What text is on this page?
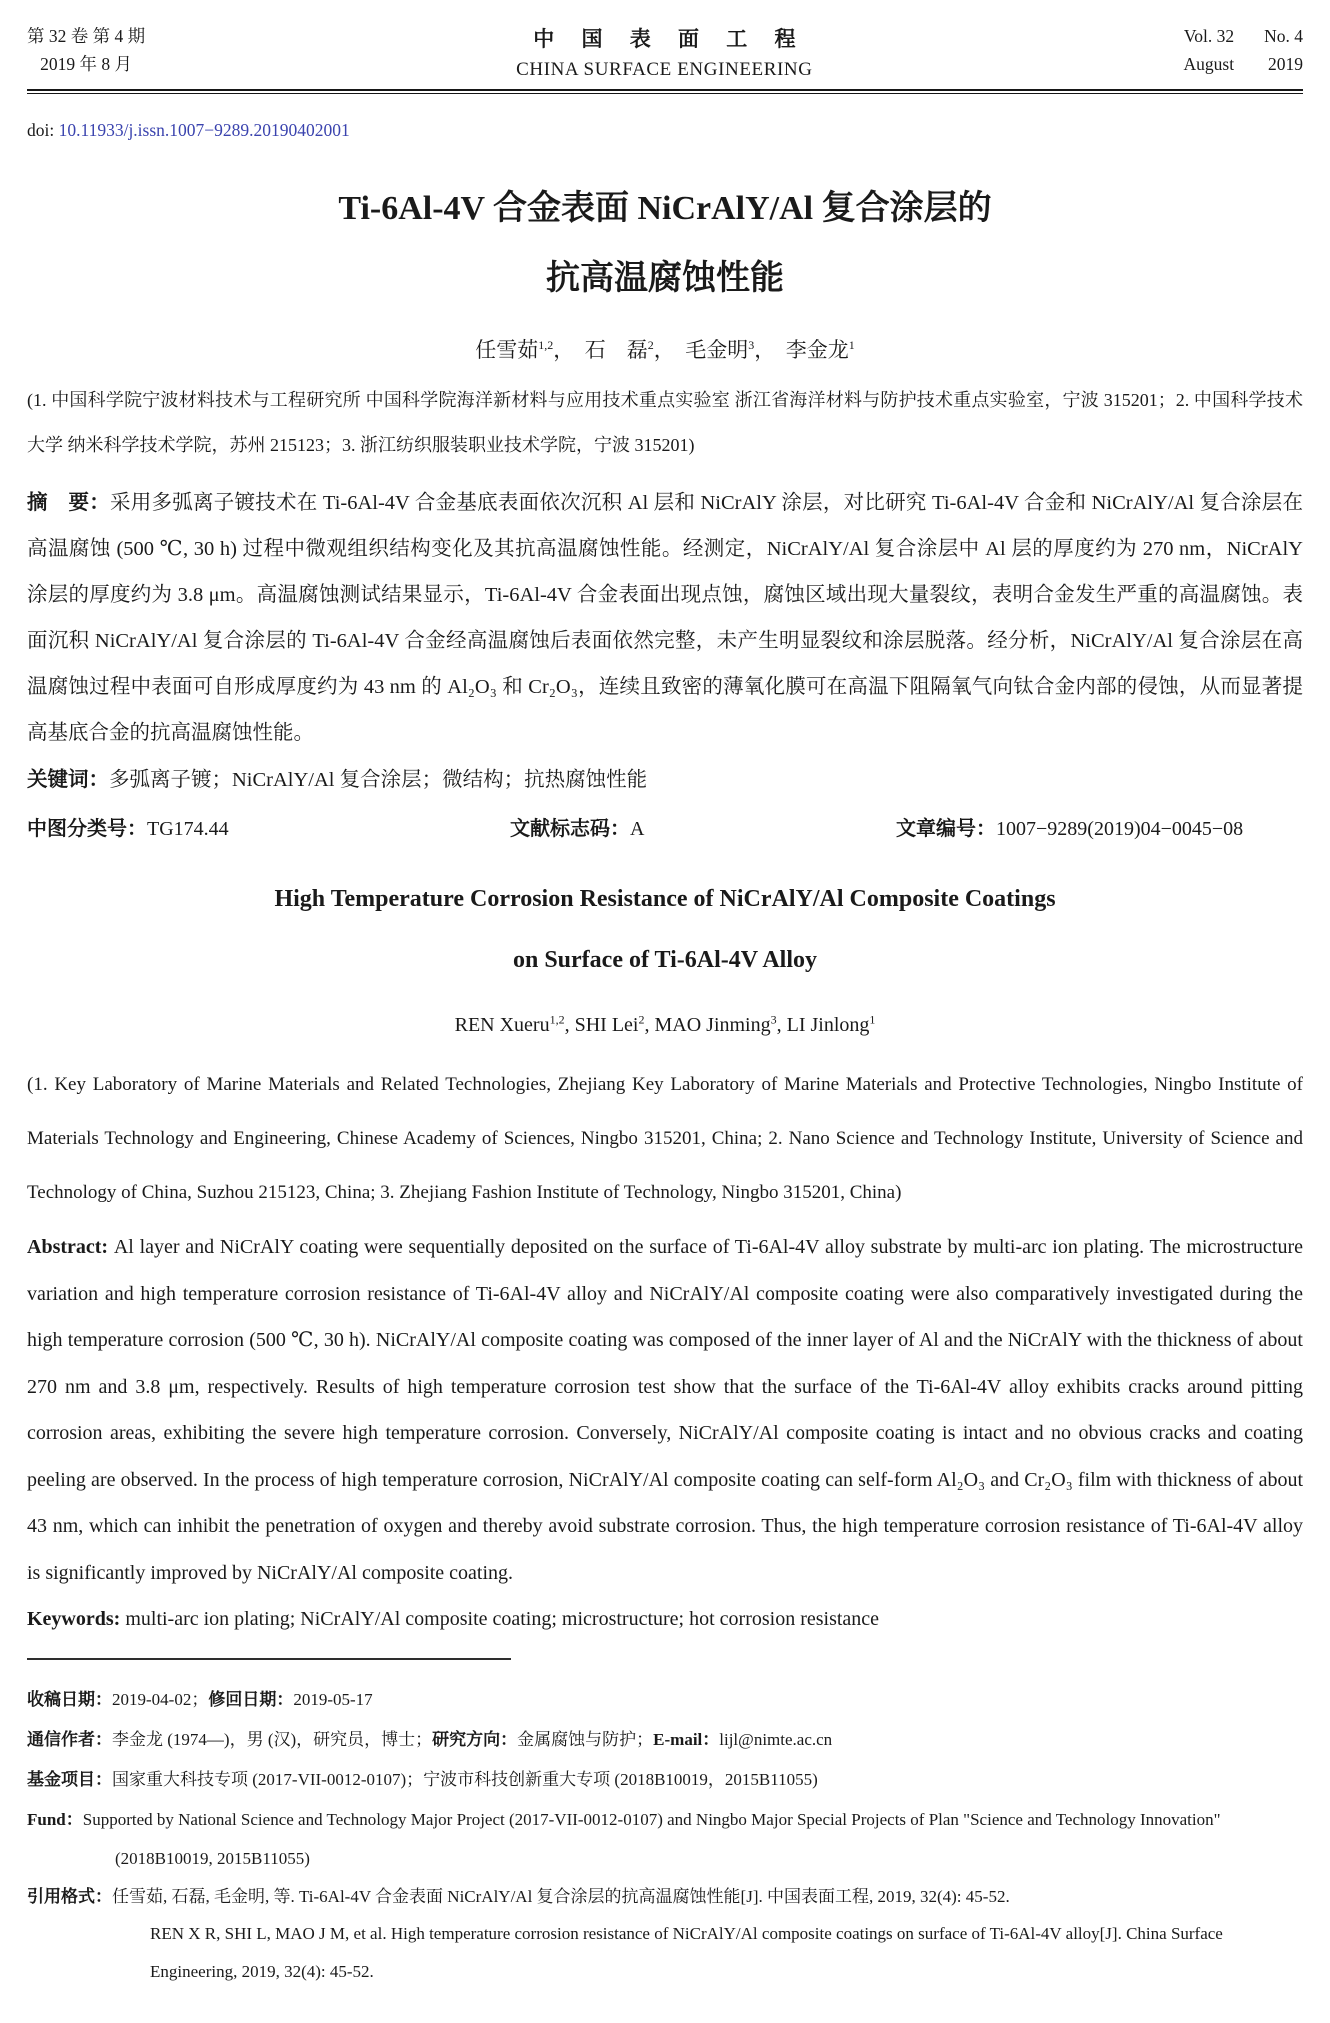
第 32 卷 第 4 期
2019 年 8 月
中 国 表 面 工 程
CHINA SURFACE ENGINEERING
Vol. 32 No. 4
August 2019
doi: 10.11933/j.issn.1007−9289.20190402001
Ti-6Al-4V 合金表面 NiCrAlY/Al 复合涂层的
抗高温腐蚀性能
任雪茹$^{1,2}$，　石　磊$^2$，　毛金明$^3$，　李金龙$^1$
(1. 中国科学院宁波材料技术与工程研究所 中国科学院海洋新材料与应用技术重点实验室 浙江省海洋材料与防护技术重点实验室，宁波 315201；2. 中国科学技术大学 纳米科学技术学院，苏州 215123；3. 浙江纺织服装职业技术学院，宁波 315201)
摘　要：采用多弧离子镀技术在 Ti-6Al-4V 合金基底表面依次沉积 Al 层和 NiCrAlY 涂层，对比研究 Ti-6Al-4V 合金和 NiCrAlY/Al 复合涂层在高温腐蚀 (500 ℃, 30 h) 过程中微观组织结构变化及其抗高温腐蚀性能。经测定，NiCrAlY/Al 复合涂层中 Al 层的厚度约为 270 nm，NiCrAlY 涂层的厚度约为 3.8 μm。高温腐蚀测试结果显示，Ti-6Al-4V 合金表面出现点蚀，腐蚀区域出现大量裂纹，表明合金发生严重的高温腐蚀。表面沉积 NiCrAlY/Al 复合涂层的 Ti-6Al-4V 合金经高温腐蚀后表面依然完整，未产生明显裂纹和涂层脱落。经分析，NiCrAlY/Al 复合涂层在高温腐蚀过程中表面可自形成厚度约为 43 nm 的 Al₂O₃ 和 Cr₂O₃，连续且致密的薄氧化膜可在高温下阻隔氧气向钛合金内部的侵蚀，从而显著提高基底合金的抗高温腐蚀性能。
关键词：多弧离子镀；NiCrAlY/Al 复合涂层；微结构；抗热腐蚀性能
中图分类号：TG174.44	文献标志码：A	文章编号：1007−9289(2019)04−0045−08
High Temperature Corrosion Resistance of NiCrAlY/Al Composite Coatings
on Surface of Ti-6Al-4V Alloy
REN Xueru$^{1,2}$, SHI Lei$^2$, MAO Jinming$^3$, LI Jinlong$^1$
(1. Key Laboratory of Marine Materials and Related Technologies, Zhejiang Key Laboratory of Marine Materials and Protective Technologies, Ningbo Institute of Materials Technology and Engineering, Chinese Academy of Sciences, Ningbo 315201, China; 2. Nano Science and Technology Institute, University of Science and Technology of China, Suzhou 215123, China; 3. Zhejiang Fashion Institute of Technology, Ningbo 315201, China)
Abstract: Al layer and NiCrAlY coating were sequentially deposited on the surface of Ti-6Al-4V alloy substrate by multi-arc ion plating. The microstructure variation and high temperature corrosion resistance of Ti-6Al-4V alloy and NiCrAlY/Al composite coating were also comparatively investigated during the high temperature corrosion (500 ℃, 30 h). NiCrAlY/Al composite coating was composed of the inner layer of Al and the NiCrAlY with the thickness of about 270 nm and 3.8 μm, respectively. Results of high temperature corrosion test show that the surface of the Ti-6Al-4V alloy exhibits cracks around pitting corrosion areas, exhibiting the severe high temperature corrosion. Conversely, NiCrAlY/Al composite coating is intact and no obvious cracks and coating peeling are observed. In the process of high temperature corrosion, NiCrAlY/Al composite coating can self-form Al₂O₃ and Cr₂O₃ film with thickness of about 43 nm, which can inhibit the penetration of oxygen and thereby avoid substrate corrosion. Thus, the high temperature corrosion resistance of Ti-6Al-4V alloy is significantly improved by NiCrAlY/Al composite coating.
Keywords: multi-arc ion plating; NiCrAlY/Al composite coating; microstructure; hot corrosion resistance

收稿日期：2019-04-02；修回日期：2019-05-17

通信作者：李金龙 (1974—)，男 (汉)，研究员，博士；研究方向：金属腐蚀与防护；E-mail：lijl@nimte.ac.cn

基金项目：国家重大科技专项 (2017-VII-0012-0107)；宁波市科技创新重大专项 (2018B10019，2015B11055)

Fund：Supported by National Science and Technology Major Project (2017-VII-0012-0107) and Ningbo Major Special Projects of Plan "Science and Technology Innovation" (2018B10019, 2015B11055)

引用格式：任雪茹, 石磊, 毛金明, 等. Ti-6Al-4V 合金表面 NiCrAlY/Al 复合涂层的抗高温腐蚀性能[J]. 中国表面工程, 2019, 32(4): 45-52.

REN X R, SHI L, MAO J M, et al. High temperature corrosion resistance of NiCrAlY/Al composite coatings on surface of Ti-6Al-4V alloy[J]. China Surface Engineering, 2019, 32(4): 45-52.
